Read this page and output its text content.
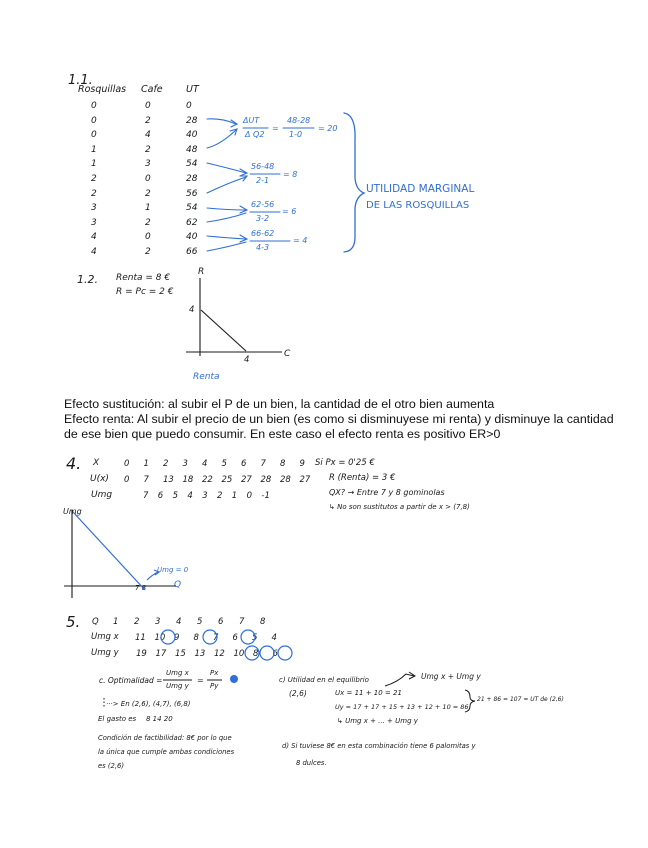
1.1.
Rosquillas Cafe UT
0
0
0
1
1
2
2
3
3
4
4
0
2
4
2
3
0
2
1
2
0
2
0
28
40
48
54
28
56
54
62
40
66
ΔUT
Δ Q2
48-28
1-0
= 20
56-48
2-1
= 8
62-56
3-2
= 6
66-62
4-3
= 4
UTILIDAD MARGINAL
DE LAS ROSQUILLAS
1.2. Renta = 8 €
R = Pc = 2 €
R
C
4
4
Renta
Efecto sustitución: al subir el P de un bien, la cantidad de el otro bien aumenta
Efecto renta: Al subir el precio de un bien (es como si disminuyese mi renta) y disminuye la cantidad
de ese bien que puedo consumir. En este caso el efecto renta es positivo ER>0
4. X
U(x)
Umg
0 1 2 3 4 5 6 7 8 9
0 7 13 18 22 25 27 28 28 27
7 6 5 4 3 2 1 0 -1
Si Px = 0'25 €
R (Renta) = 3 €
QX? → Entre 7 y 8 gominolas
↳ No son sustitutos a partir de x > (7,8)
Umg
Q
7 8
Umg = 0
5. Q 1 2 3 4 5 6 7 8
Umg x
Umg y
11 10 9 8 7 6 5 4
19 17 15 13 12 10 8 6
c. Optimalidad =
Umg x
Umg y
Px
Py
···> En (2,6), (4,7), (6,8)
El gasto es 8 14 20
Condición de factibilidad: 8€ por lo que
la única que cumple ambas condiciones
es (2,6)
c) Utilidad en el equilibrio	Umg x + Umg y
(2,6)	Ux = 11 + 10 = 21
Uy = 17 + 17 + 15 + 13 + 12 + 10 = 86
↳ Umg x + ... + Umg y
21 + 86 = 107 = UT de (2,6)
d) Si tuviese 8€ en esta combinación tiene 6 palomitas y
8 dulces.
=
=
